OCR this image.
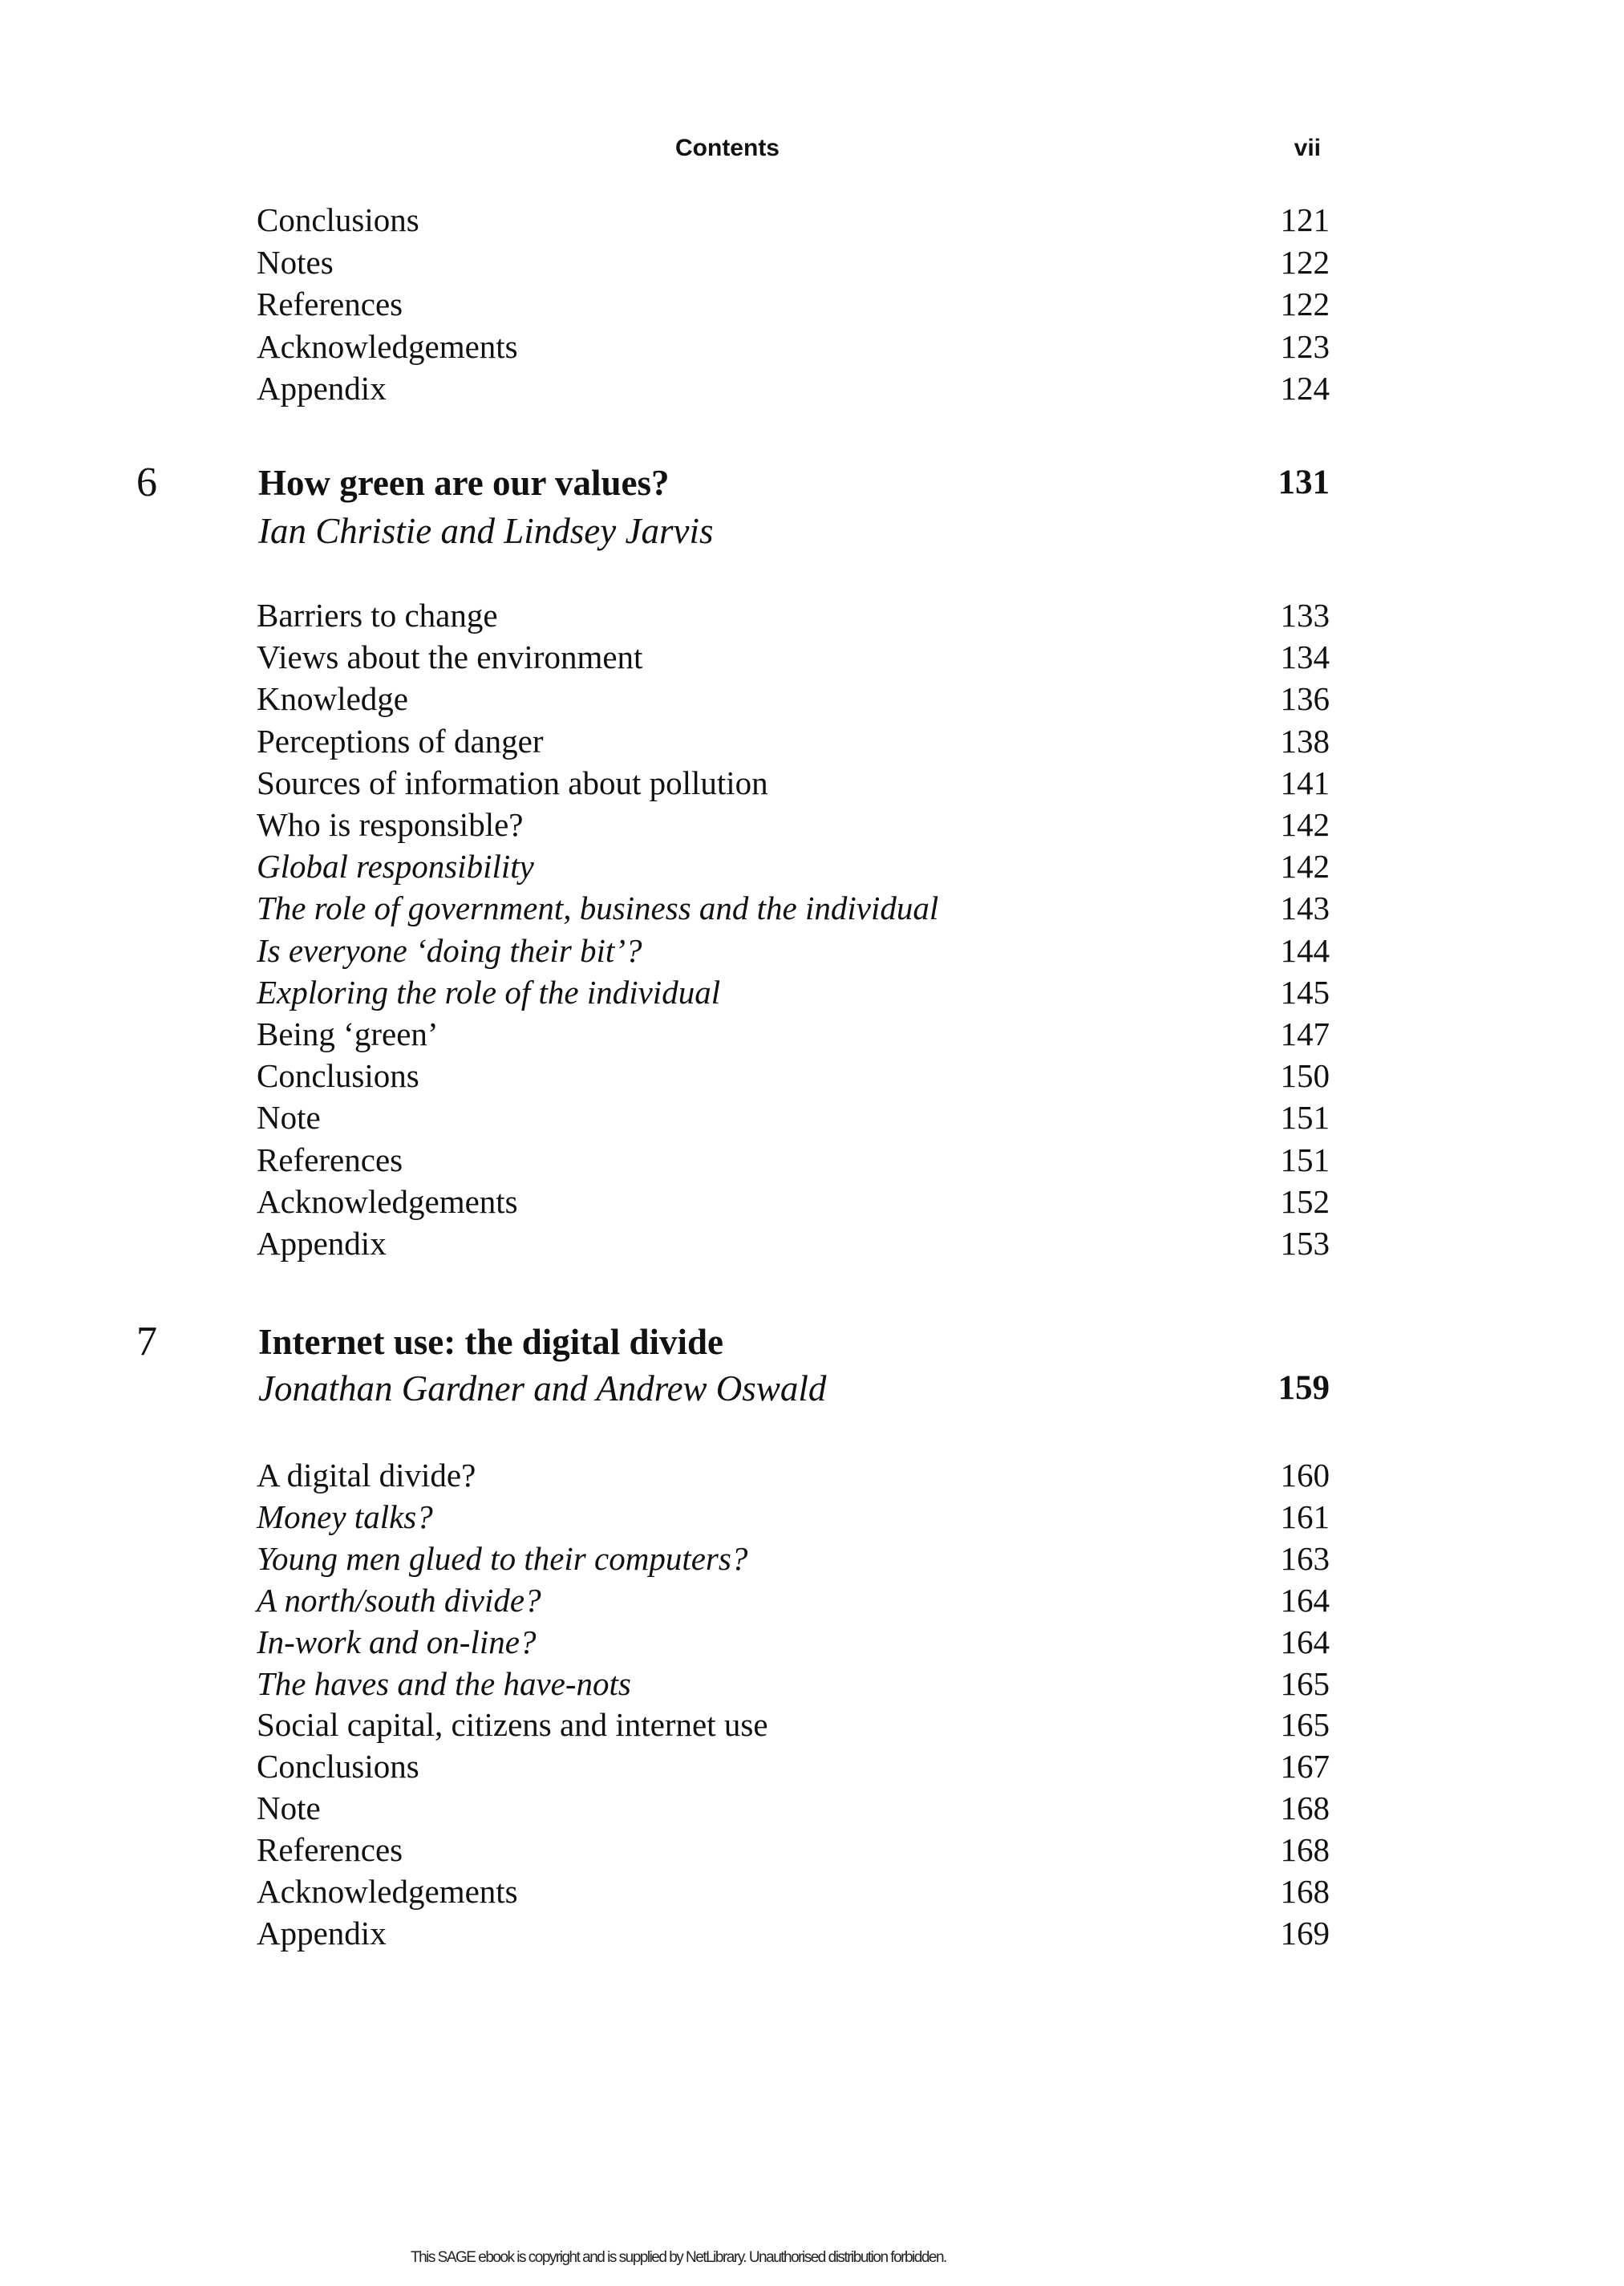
Contents	vii
Conclusions	121
Notes	122
References	122
Acknowledgements	123
Appendix	124
6	How green are our values?	131
Ian Christie and Lindsey Jarvis
Barriers to change	133
Views about the environment	134
Knowledge	136
Perceptions of danger	138
Sources of information about pollution	141
Who is responsible?	142
Global responsibility	142
The role of government, business and the individual	143
Is everyone ‘doing their bit’?	144
Exploring the role of the individual	145
Being ‘green’	147
Conclusions	150
Note	151
References	151
Acknowledgements	152
Appendix	153
7	Internet use: the digital divide
Jonathan Gardner and Andrew Oswald	159
A digital divide?	160
Money talks?	161
Young men glued to their computers?	163
A north/south divide?	164
In-work and on-line?	164
The haves and the have-nots	165
Social capital, citizens and internet use	165
Conclusions	167
Note	168
References	168
Acknowledgements	168
Appendix	169
This SAGE ebook is copyright and is supplied by NetLibrary. Unauthorised distribution forbidden.
